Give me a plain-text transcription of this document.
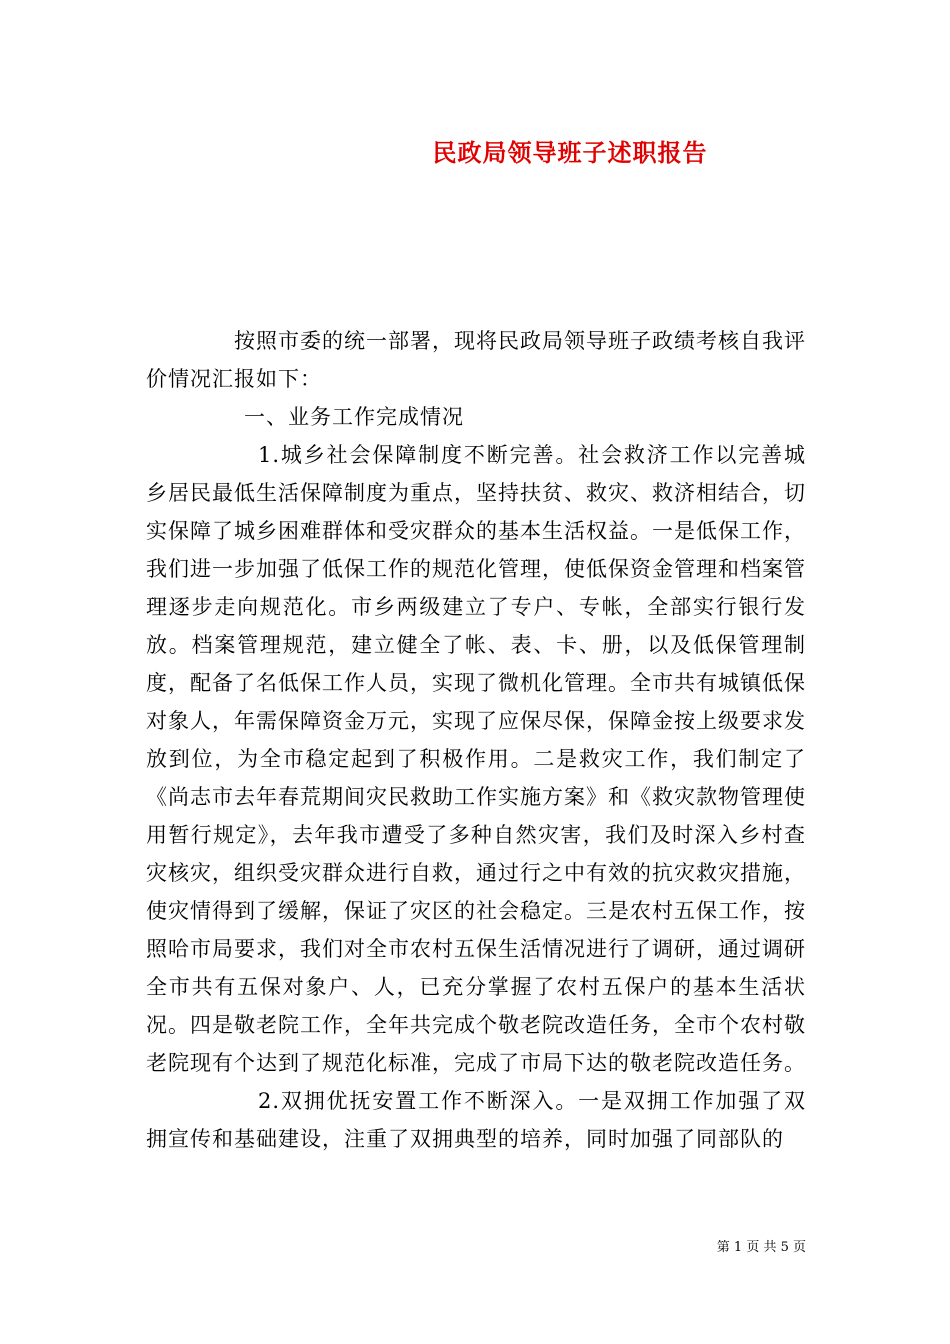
民政局领导班子述职报告

按照市委的统一部署，现将民政局领导班子政绩考核自我评价情况汇报如下：

一、业务工作完成情况

1.城乡社会保障制度不断完善。社会救济工作以完善城乡居民最低生活保障制度为重点，坚持扶贫、救灾、救济相结合，切实保障了城乡困难群体和受灾群众的基本生活权益。一是低保工作，我们进一步加强了低保工作的规范化管理，使低保资金管理和档案管理逐步走向规范化。市乡两级建立了专户、专帐，全部实行银行发放。档案管理规范，建立健全了帐、表、卡、册，以及低保管理制度，配备了名低保工作人员，实现了微机化管理。全市共有城镇低保对象人，年需保障资金万元，实现了应保尽保，保障金按上级要求发放到位，为全市稳定起到了积极作用。二是救灾工作，我们制定了《尚志市去年春荒期间灾民救助工作实施方案》和《救灾款物管理使用暂行规定》，去年我市遭受了多种自然灾害，我们及时深入乡村查灾核灾，组织受灾群众进行自救，通过行之中有效的抗灾救灾措施，使灾情得到了缓解，保证了灾区的社会稳定。三是农村五保工作，按照哈市局要求，我们对全市农村五保生活情况进行了调研，通过调研全市共有五保对象户、人，已充分掌握了农村五保户的基本生活状况。四是敬老院工作，全年共完成个敬老院改造任务，全市个农村敬老院现有个达到了规范化标准，完成了市局下达的敬老院改造任务。

2.双拥优抚安置工作不断深入。一是双拥工作加强了双拥宣传和基础建设，注重了双拥典型的培养，同时加强了同部队的

第 1 页 共 5 页
